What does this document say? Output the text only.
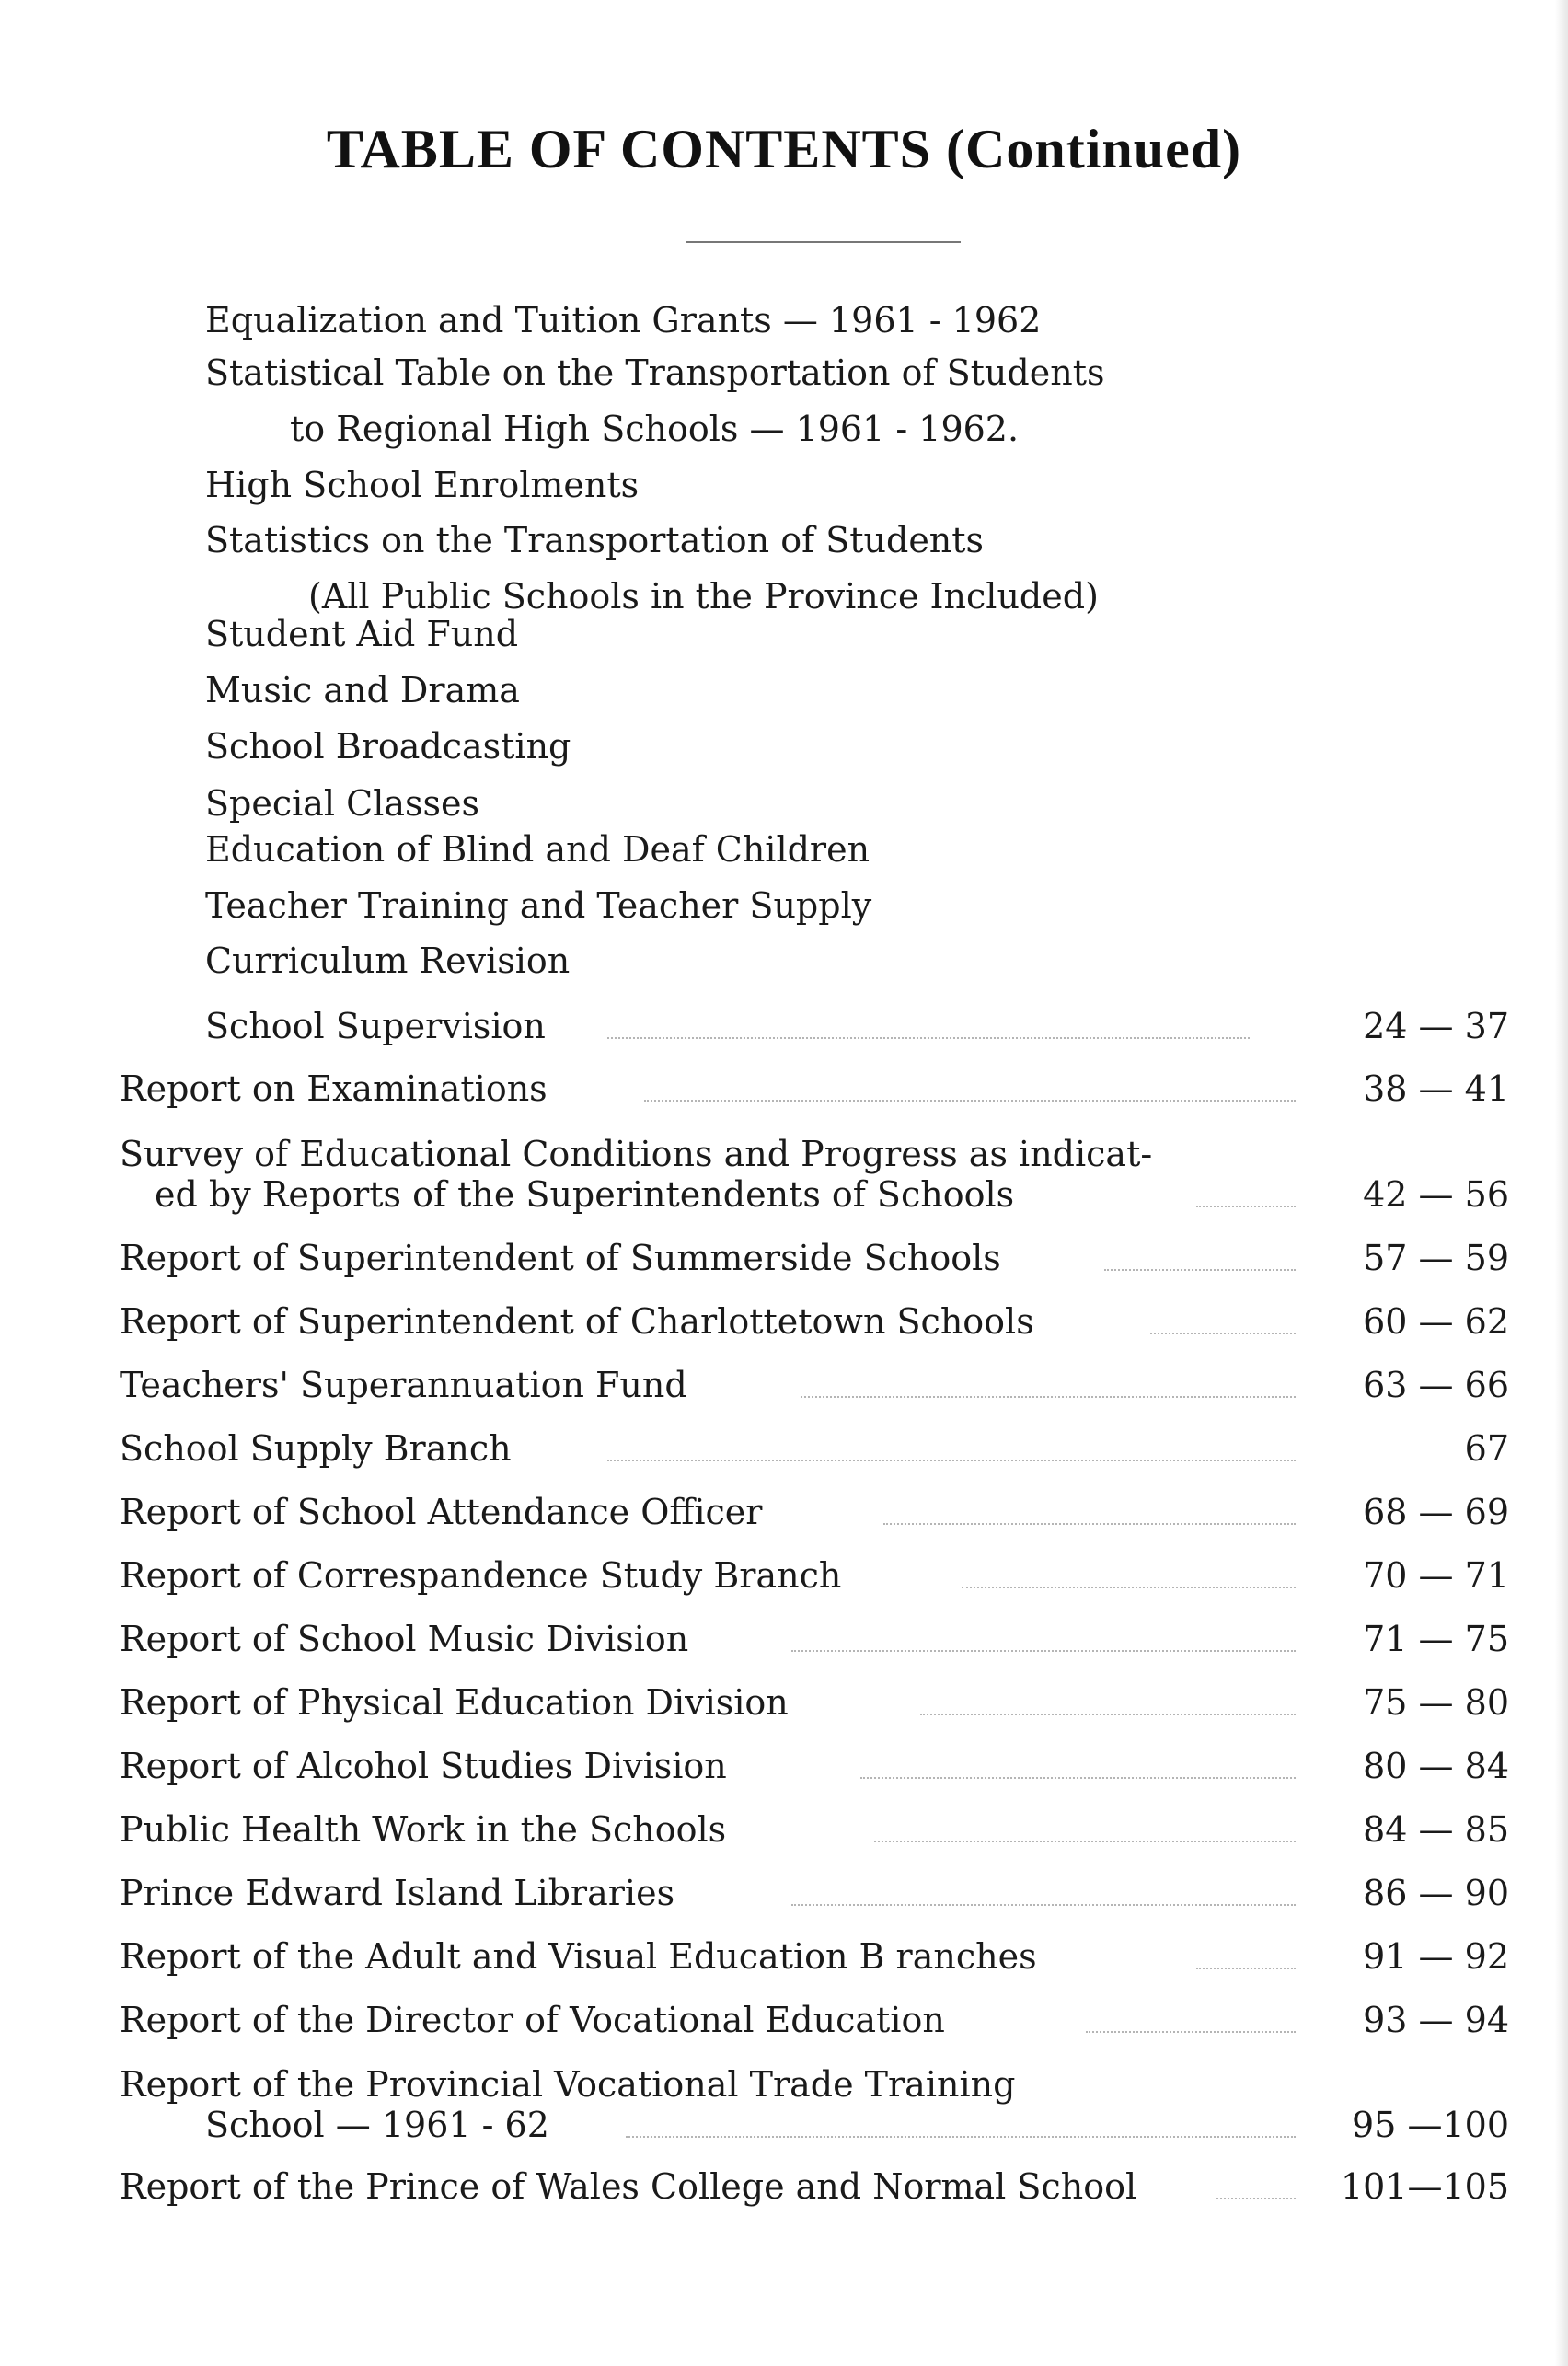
TABLE OF CONTENTS (Continued)
Equalization and Tuition Grants — 1961 - 1962
Statistical Table on the Transportation of Students
to Regional High Schools — 1961 - 1962.
High School Enrolments
Statistics on the Transportation of Students
(All Public Schools in the Province Included)
Student Aid Fund
Music and Drama
School Broadcasting
Special Classes
Education of Blind and Deaf Children
Teacher Training and Teacher Supply
Curriculum Revision
School Supervision	24 — 37
Report on Examinations	38 — 41
Survey of Educational Conditions and Progress as indicat-
ed by Reports of the Superintendents of Schools	42 — 56
Report of Superintendent of Summerside Schools	57 — 59
Report of Superintendent of Charlottetown Schools	60 — 62
Teachers' Superannuation Fund	63 — 66
School Supply Branch	67
Report of School Attendance Officer	68 — 69
Report of Correspandence Study Branch	70 — 71
Report of School Music Division	71 — 75
Report of Physical Education Division	75 — 80
Report of Alcohol Studies Division	80 — 84
Public Health Work in the Schools	84 — 85
Prince Edward Island Libraries	86 — 90
Report of the Adult and Visual Education B ranches	91 — 92
Report of the Director of Vocational Education	93 — 94
Report of the Provincial Vocational Trade Training
School — 1961 - 62	95 —100
Report of the Prince of Wales College and Normal School	101—105
